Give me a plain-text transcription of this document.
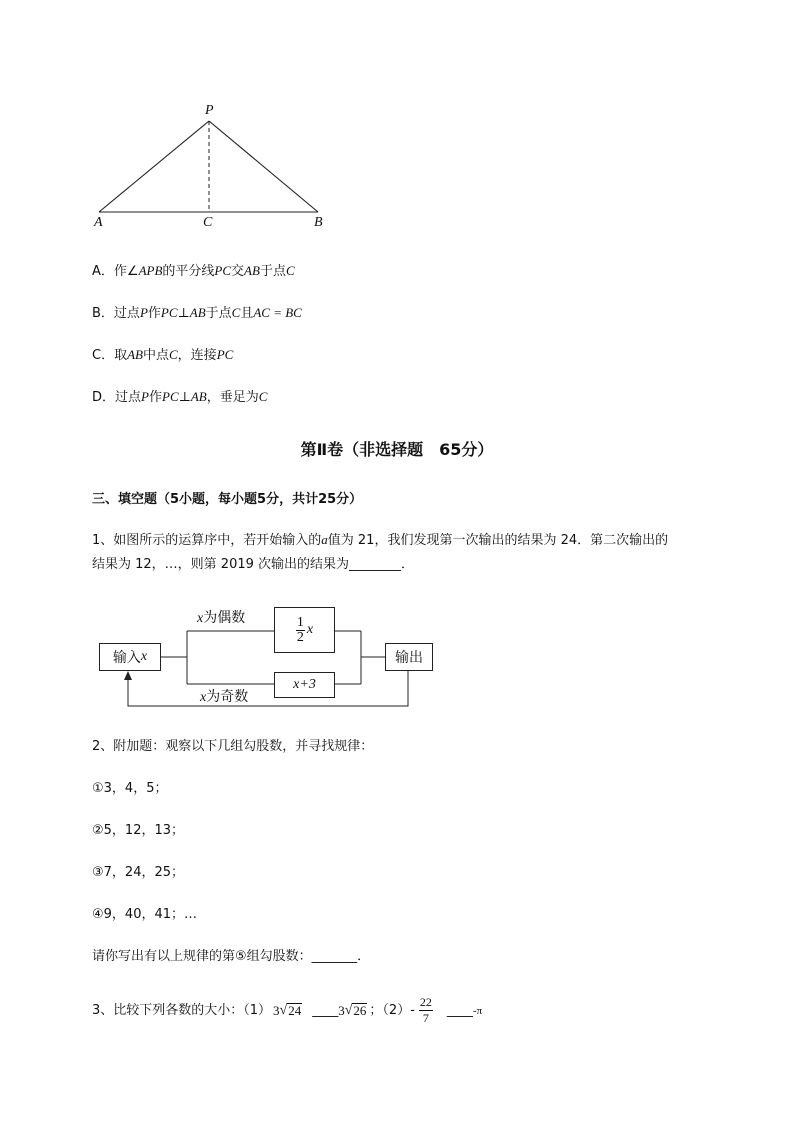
P
A	C	B
A．作∠APB的平分线PC交AB于点C
B．过点P作PC⊥AB于点C且AC = BC
C．取AB中点C，连接PC
D．过点P作PC⊥AB，垂足为C
第Ⅱ卷（非选择题　65分）
三、填空题（5小题，每小题5分，共计25分）
1、如图所示的运算序中，若开始输入的a值为 21，我们发现第一次输出的结果为 24．第二次输出的
结果为 12，…，则第 2019 次输出的结果为________．
输入 x
$\frac{1}{2}$ x
x+3
输出
x为偶数
x为奇数
2、附加题：观察以下几组勾股数，并寻找规律：
①3，4，5；
②5，12，13；
③7，24，25；
④9，40，41；…
请你写出有以上规律的第⑤组勾股数：_______．
3、比较下列各数的大小：（1） 3 √ 24 ____ 3 √ 26 ；$(2) - \frac{22}{7}$ ____ -π
